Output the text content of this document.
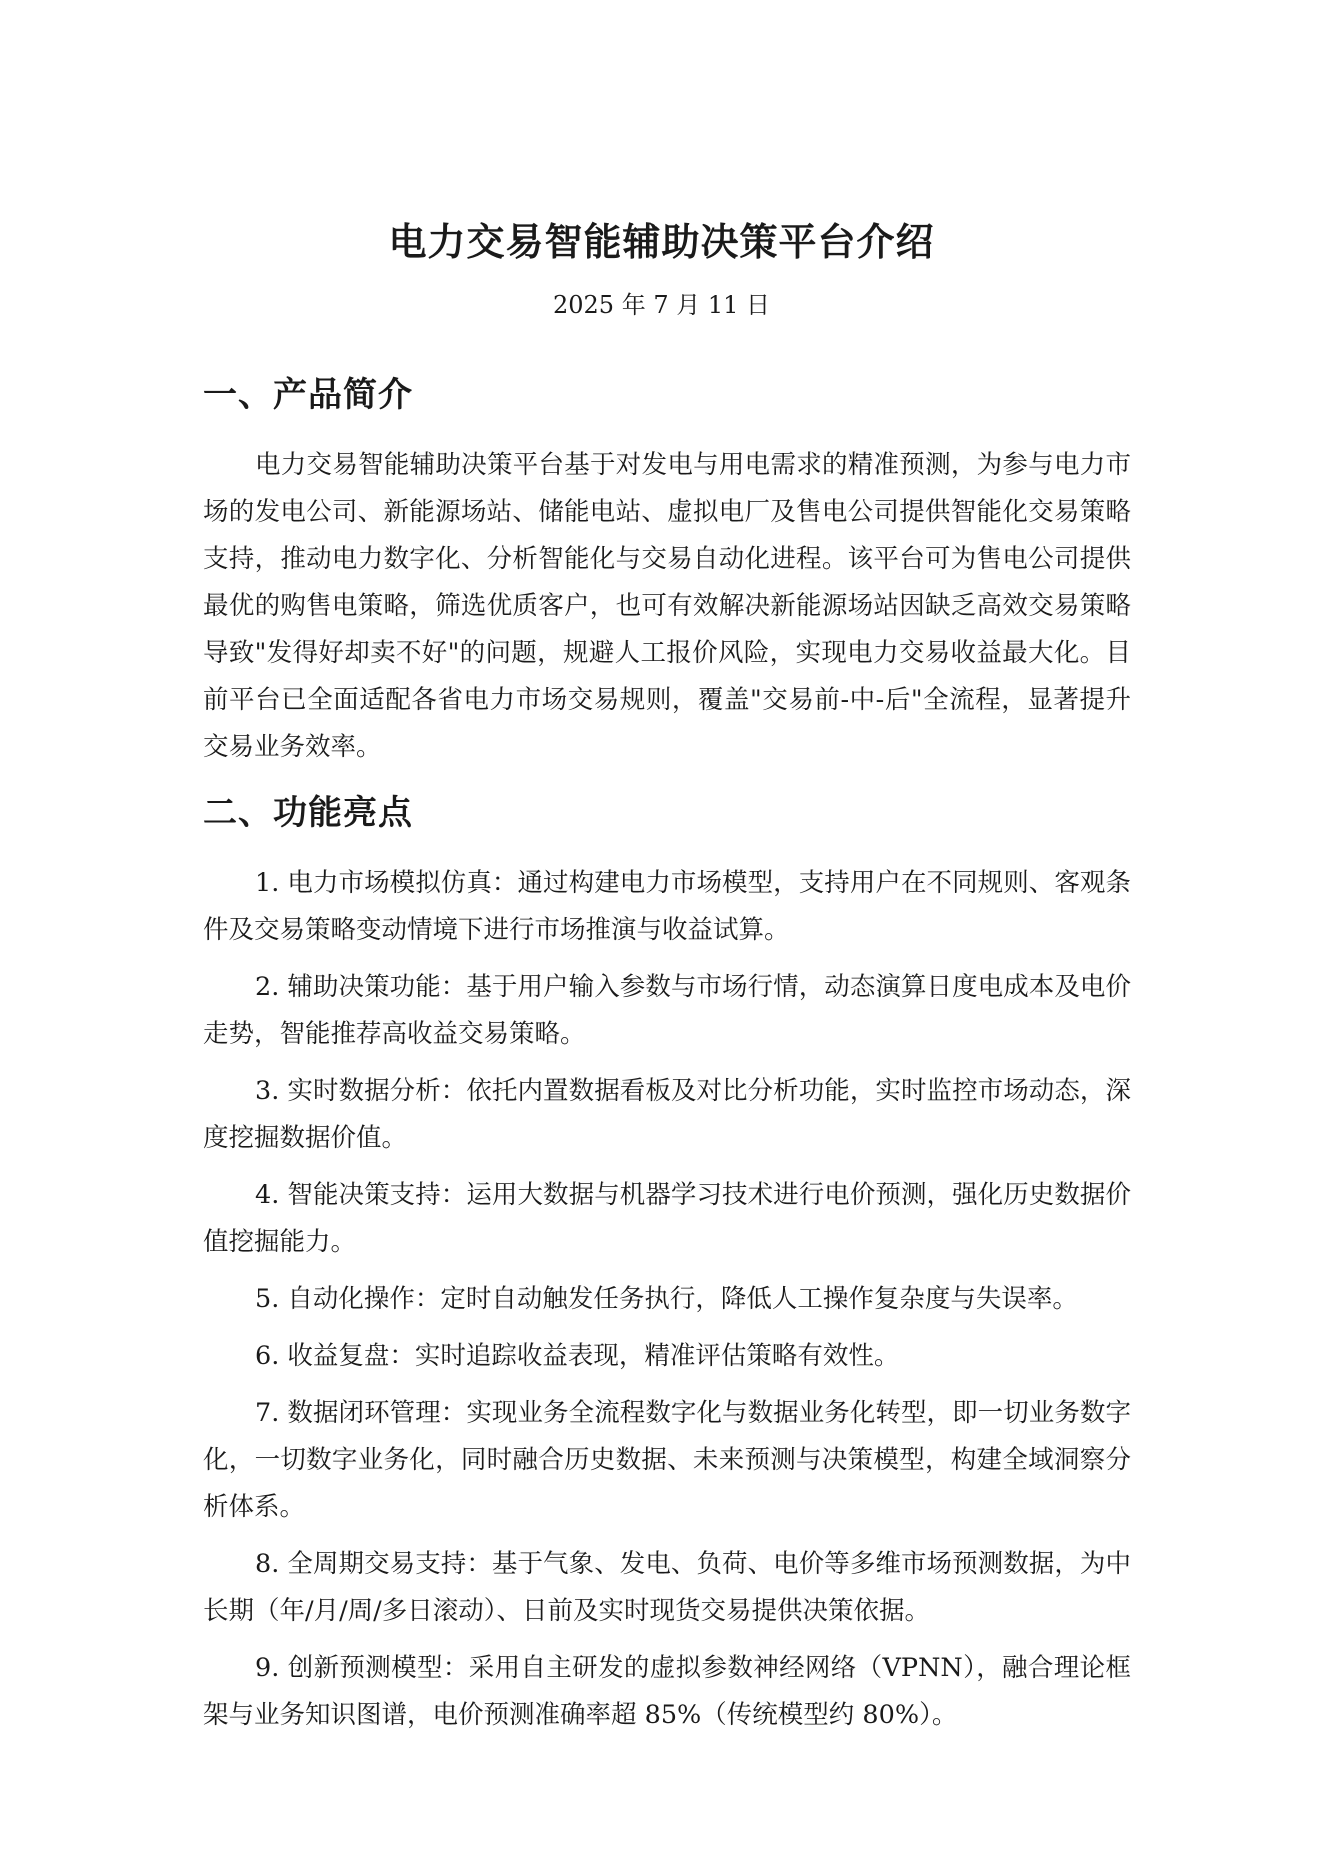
电力交易智能辅助决策平台介绍

2025 年 7 月 11 日

一、产品简介

电力交易智能辅助决策平台基于对发电与用电需求的精准预测，为参与电力市场的发电公司、新能源场站、储能电站、虚拟电厂及售电公司提供智能化交易策略支持，推动电力数字化、分析智能化与交易自动化进程。该平台可为售电公司提供最优的购售电策略，筛选优质客户，也可有效解决新能源场站因缺乏高效交易策略导致"发得好却卖不好"的问题，规避人工报价风险，实现电力交易收益最大化。目前平台已全面适配各省电力市场交易规则，覆盖"交易前-中-后"全流程，显著提升交易业务效率。

二、功能亮点
1. 电力市场模拟仿真：通过构建电力市场模型，支持用户在不同规则、客观条件及交易策略变动情境下进行市场推演与收益试算。
2. 辅助决策功能：基于用户输入参数与市场行情，动态演算日度电成本及电价走势，智能推荐高收益交易策略。
3. 实时数据分析：依托内置数据看板及对比分析功能，实时监控市场动态，深度挖掘数据价值。
4. 智能决策支持：运用大数据与机器学习技术进行电价预测，强化历史数据价值挖掘能力。
5. 自动化操作：定时自动触发任务执行，降低人工操作复杂度与失误率。
6. 收益复盘：实时追踪收益表现，精准评估策略有效性。
7. 数据闭环管理：实现业务全流程数字化与数据业务化转型，即一切业务数字化，一切数字业务化，同时融合历史数据、未来预测与决策模型，构建全域洞察分析体系。
8. 全周期交易支持：基于气象、发电、负荷、电价等多维市场预测数据，为中长期（年/月/周/多日滚动）、日前及实时现货交易提供决策依据。
9. 创新预测模型：采用自主研发的虚拟参数神经网络（VPNN），融合理论框架与业务知识图谱，电价预测准确率超 85%（传统模型约 80%）。
